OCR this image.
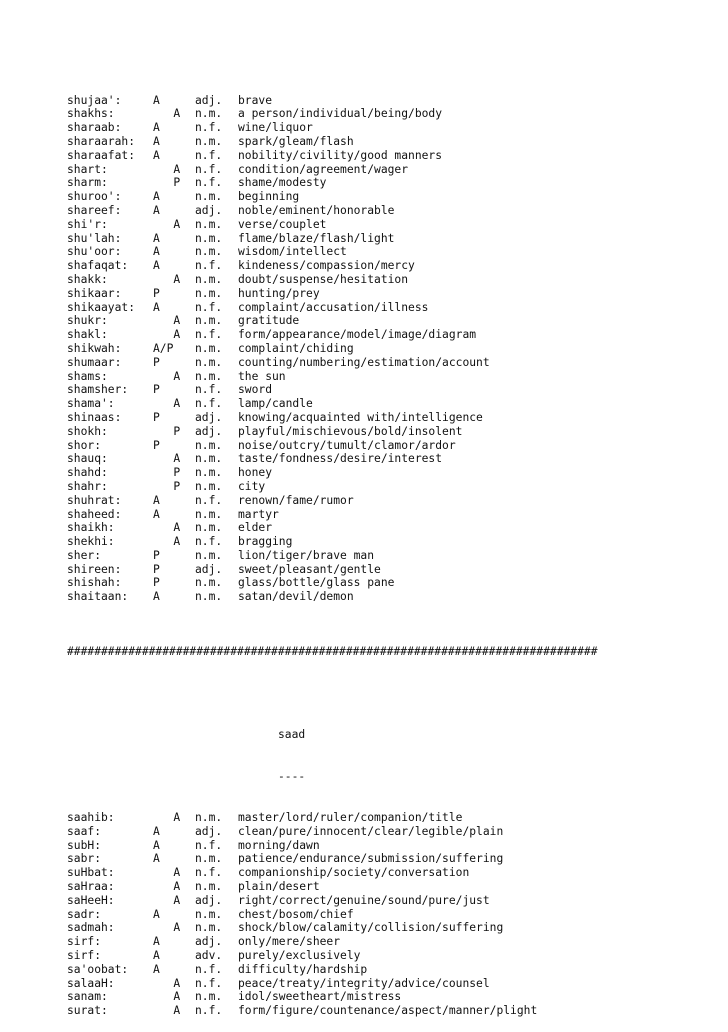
shujaa':	A	adj. brave
shakhs:	A n.m. a person/individual/being/body
sharaab:	A	n.f. wine/liquor
sharaarah: A	n.m. spark/gleam/flash
sharaafat: A	n.f. nobility/civility/good manners
shart:	A n.f. condition/agreement/wager
sharm:	P n.f. shame/modesty
shuroo':	A	n.m. beginning
shareef:	A	adj. noble/eminent/honorable
shi'r:	A n.m. verse/couplet
shu'lah:	A	n.m. flame/blaze/flash/light
shu'oor:	A	n.m. wisdom/intellect
shafaqat: A	n.f. kindeness/compassion/mercy
shakk:	A n.m. doubt/suspense/hesitation
shikaar:	P	n.m. hunting/prey
shikaayat: A	n.f. complaint/accusation/illness
shukr:	A n.m. gratitude
shakl:	A n.f. form/appearance/model/image/diagram
shikwah:	A/P n.m. complaint/chiding
shumaar:	P	n.m. counting/numbering/estimation/account
shams:	A n.m. the sun
shamsher: P	n.f. sword
shama':	A n.f. lamp/candle
shinaas:	P	adj. knowing/acquainted with/intelligence
shokh:	P adj. playful/mischievous/bold/insolent
shor:	P	n.m. noise/outcry/tumult/clamor/ardor
shauq:	A n.m. taste/fondness/desire/interest
shahd:	P n.m. honey
shahr:	P n.m. city
shuhrat:	A	n.f. renown/fame/rumor
shaheed:	A	n.m. martyr
shaikh:	A n.m. elder
shekhi:	A n.f. bragging
sher:	P	n.m. lion/tiger/brave man
shireen:	P	adj. sweet/pleasant/gentle
shishah:	P	n.m. glass/bottle/glass pane
shaitaan: A	n.m. satan/devil/demon

##############################################################################

saad

----

saahib:	A n.m. master/lord/ruler/companion/title
saaf:	A	adj. clean/pure/innocent/clear/legible/plain
subH:	A	n.f. morning/dawn
sabr:	A	n.m. patience/endurance/submission/suffering
suHbat:	A n.f. companionship/society/conversation
saHraa:	A n.m. plain/desert
saHeeH:	A adj. right/correct/genuine/sound/pure/just
sadr:	A	n.m. chest/bosom/chief
sadmah:	A n.m. shock/blow/calamity/collision/suffering
sirf:	A	adj. only/mere/sheer
sirf:	A	adv. purely/exclusively
sa'oobat: A	n.f. difficulty/hardship
salaaH:	A n.f. peace/treaty/integrity/advice/counsel
sanam:	A n.m. idol/sweetheart/mistress
surat:	A n.f. form/figure/countenance/aspect/manner/plight
